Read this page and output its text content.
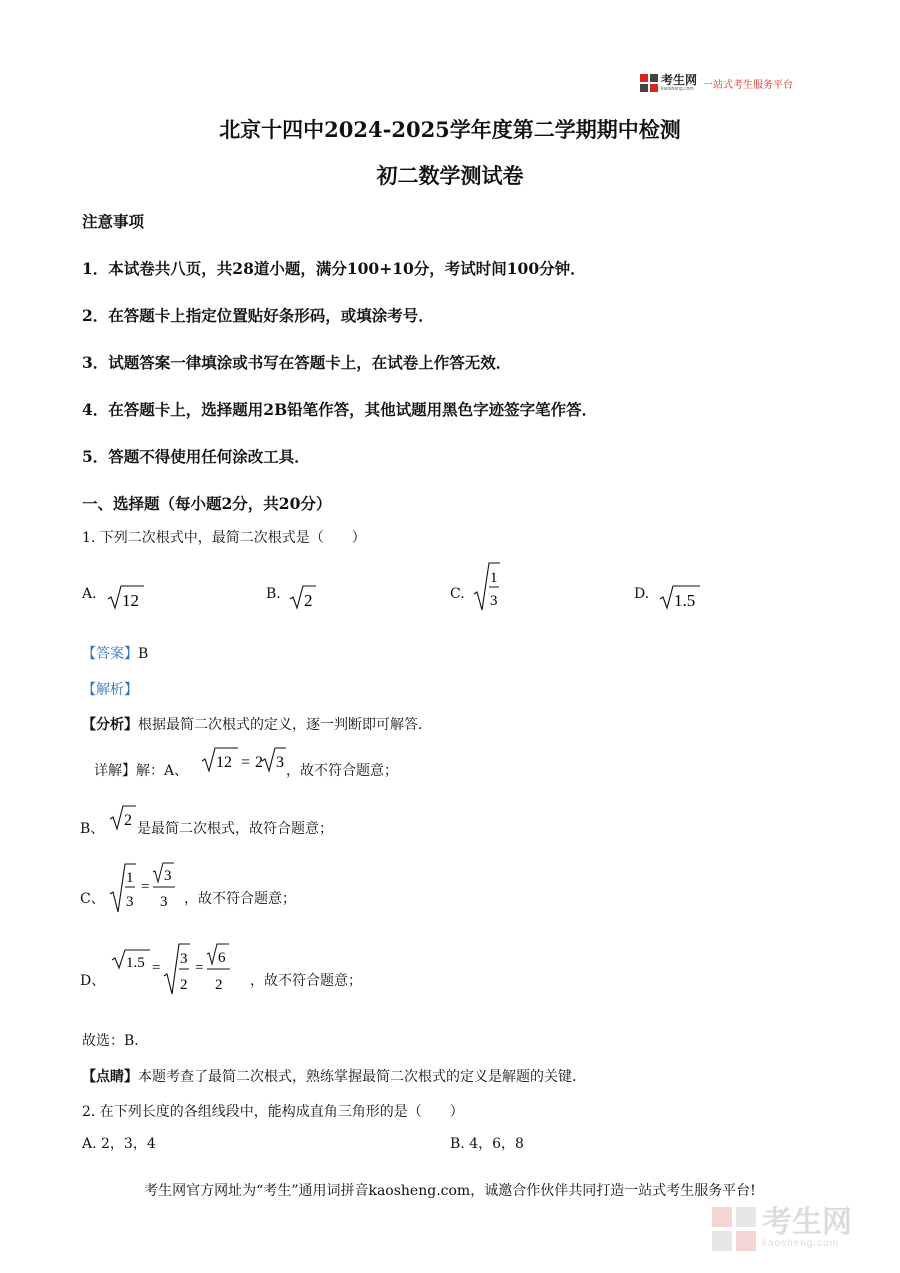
考生网
kaosheng.com 一站式考生服务平台
北京十四中2024-2025学年度第二学期期中检测
初二数学测试卷
注意事项
1．本试卷共八页，共28道小题，满分100+10分，考试时间100分钟．
2．在答题卡上指定位置贴好条形码，或填涂考号．
3．试题答案一律填涂或书写在答题卡上，在试卷上作答无效．
4．在答题卡上，选择题用2B铅笔作答，其他试题用黑色字迹签字笔作答．
5．答题不得使用任何涂改工具．
一、选择题（每小题2分，共20分）
1. 下列二次根式中，最简二次根式是（　　）
A. 12	B. 2	C.
1
3	D. 1.5
【答案】B
【解析】
【分析】根据最简二次根式的定义，逐一判断即可解答．
详解】解：A、 12 = 2 3 ，故不符合题意；
B、 2 是最简二次根式，故符合题意；
C、
1
3
=
3
3 ，故不符合题意；
D、
1.5 =
3
2
=
6
2 ，故不符合题意；
故选：B．
【点睛】本题考查了最简二次根式，熟练掌握最简二次根式的定义是解题的关键．
2. 在下列长度的各组线段中，能构成直角三角形的是（　　）
A. 2，3，4	B. 4，6，8
考生网官方网址为“考生”通用词拼音kaosheng.com，诚邀合作伙伴共同打造一站式考生服务平台!
考生网
kaosheng.com
